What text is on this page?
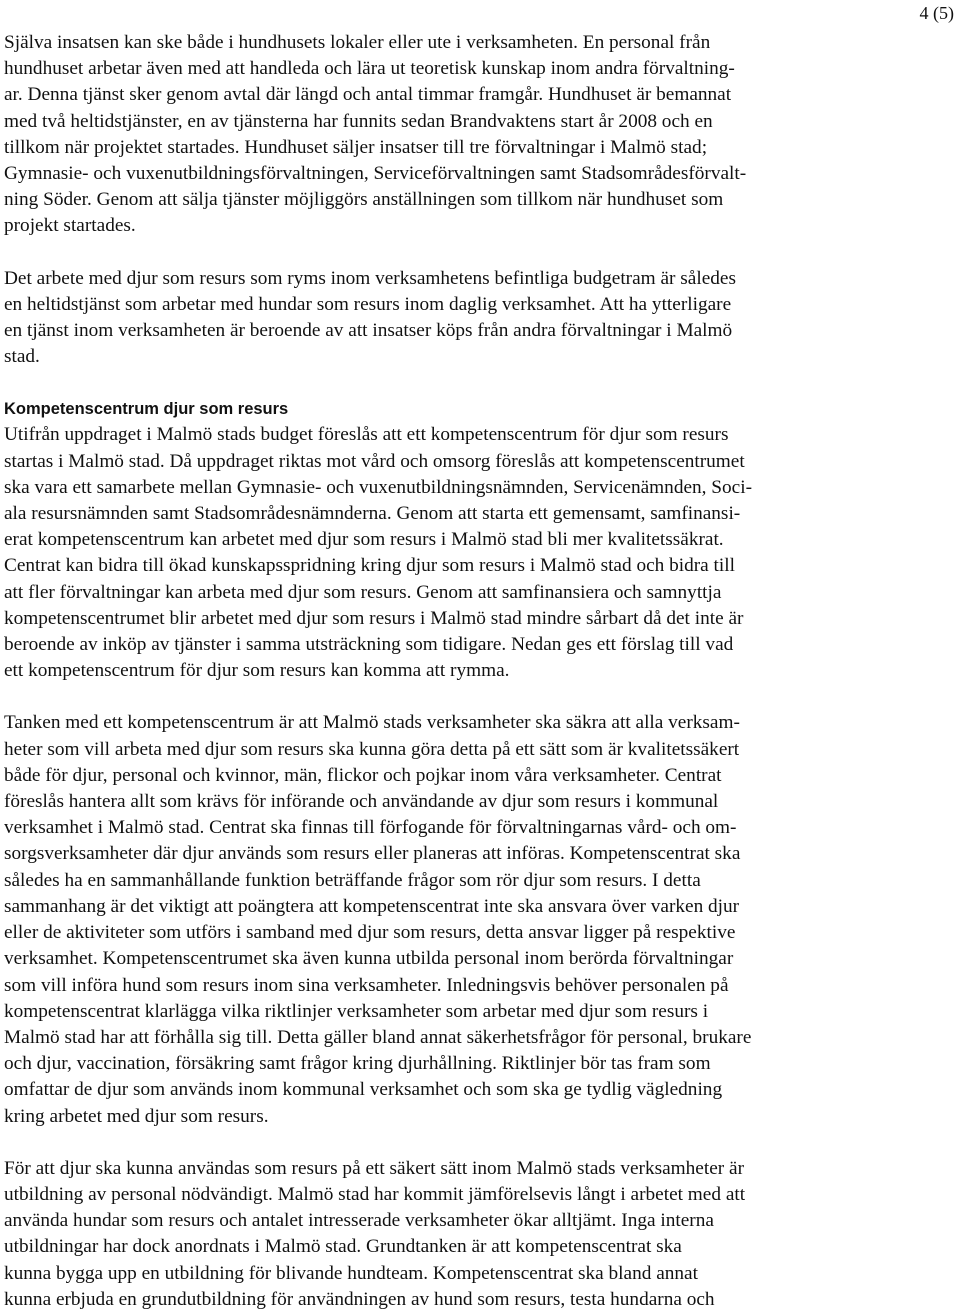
4 (5)

Själva insatsen kan ske både i hundhusets lokaler eller ute i verksamheten. En personal från
hundhuset arbetar även med att handleda och lära ut teoretisk kunskap inom andra förvaltning-
ar. Denna tjänst sker genom avtal där längd och antal timmar framgår. Hundhuset är bemannat
med två heltidstjänster, en av tjänsterna har funnits sedan Brandvaktens start år 2008 och en
tillkom när projektet startades. Hundhuset säljer insatser till tre förvaltningar i Malmö stad;
Gymnasie- och vuxenutbildningsförvaltningen, Serviceförvaltningen samt Stadsområdesförvalt-
ning Söder. Genom att sälja tjänster möjliggörs anställningen som tillkom när hundhuset som
projekt startades.

Det arbete med djur som resurs som ryms inom verksamhetens befintliga budgetram är således
en heltidstjänst som arbetar med hundar som resurs inom daglig verksamhet. Att ha ytterligare
en tjänst inom verksamheten är beroende av att insatser köps från andra förvaltningar i Malmö
stad.

Kompetenscentrum djur som resurs

Utifrån uppdraget i Malmö stads budget föreslås att ett kompetenscentrum för djur som resurs
startas i Malmö stad. Då uppdraget riktas mot vård och omsorg föreslås att kompetenscentrumet
ska vara ett samarbete mellan Gymnasie- och vuxenutbildningsnämnden, Servicenämnden, Soci-
ala resursnämnden samt Stadsområdesnämnderna. Genom att starta ett gemensamt, samfinansi-
erat kompetenscentrum kan arbetet med djur som resurs i Malmö stad bli mer kvalitetssäkrat.
Centrat kan bidra till ökad kunskapsspridning kring djur som resurs i Malmö stad och bidra till
att fler förvaltningar kan arbeta med djur som resurs. Genom att samfinansiera och samnyttja
kompetenscentrumet blir arbetet med djur som resurs i Malmö stad mindre sårbart då det inte är
beroende av inköp av tjänster i samma utsträckning som tidigare. Nedan ges ett förslag till vad
ett kompetenscentrum för djur som resurs kan komma att rymma.

Tanken med ett kompetenscentrum är att Malmö stads verksamheter ska säkra att alla verksam-
heter som vill arbeta med djur som resurs ska kunna göra detta på ett sätt som är kvalitetssäkert
både för djur, personal och kvinnor, män, flickor och pojkar inom våra verksamheter. Centrat
föreslås hantera allt som krävs för införande och användande av djur som resurs i kommunal
verksamhet i Malmö stad. Centrat ska finnas till förfogande för förvaltningarnas vård- och om-
sorgsverksamheter där djur används som resurs eller planeras att införas. Kompetenscentrat ska
således ha en sammanhållande funktion beträffande frågor som rör djur som resurs. I detta
sammanhang är det viktigt att poängtera att kompetenscentrat inte ska ansvara över varken djur
eller de aktiviteter som utförs i samband med djur som resurs, detta ansvar ligger på respektive
verksamhet. Kompetenscentrumet ska även kunna utbilda personal inom berörda förvaltningar
som vill införa hund som resurs inom sina verksamheter. Inledningsvis behöver personalen på
kompetenscentrat klarlägga vilka riktlinjer verksamheter som arbetar med djur som resurs i
Malmö stad har att förhålla sig till. Detta gäller bland annat säkerhetsfrågor för personal, brukare
och djur, vaccination, försäkring samt frågor kring djurhållning. Riktlinjer bör tas fram som
omfattar de djur som används inom kommunal verksamhet och som ska ge tydlig vägledning
kring arbetet med djur som resurs.

För att djur ska kunna användas som resurs på ett säkert sätt inom Malmö stads verksamheter är
utbildning av personal nödvändigt. Malmö stad har kommit jämförelsevis långt i arbetet med att
använda hundar som resurs och antalet intresserade verksamheter ökar alltjämt. Inga interna
utbildningar har dock anordnats i Malmö stad. Grundtanken är att kompetenscentrat ska
kunna bygga upp en utbildning för blivande hundteam. Kompetenscentrat ska bland annat
kunna erbjuda en grundutbildning för användningen av hund som resurs, testa hundarna och
